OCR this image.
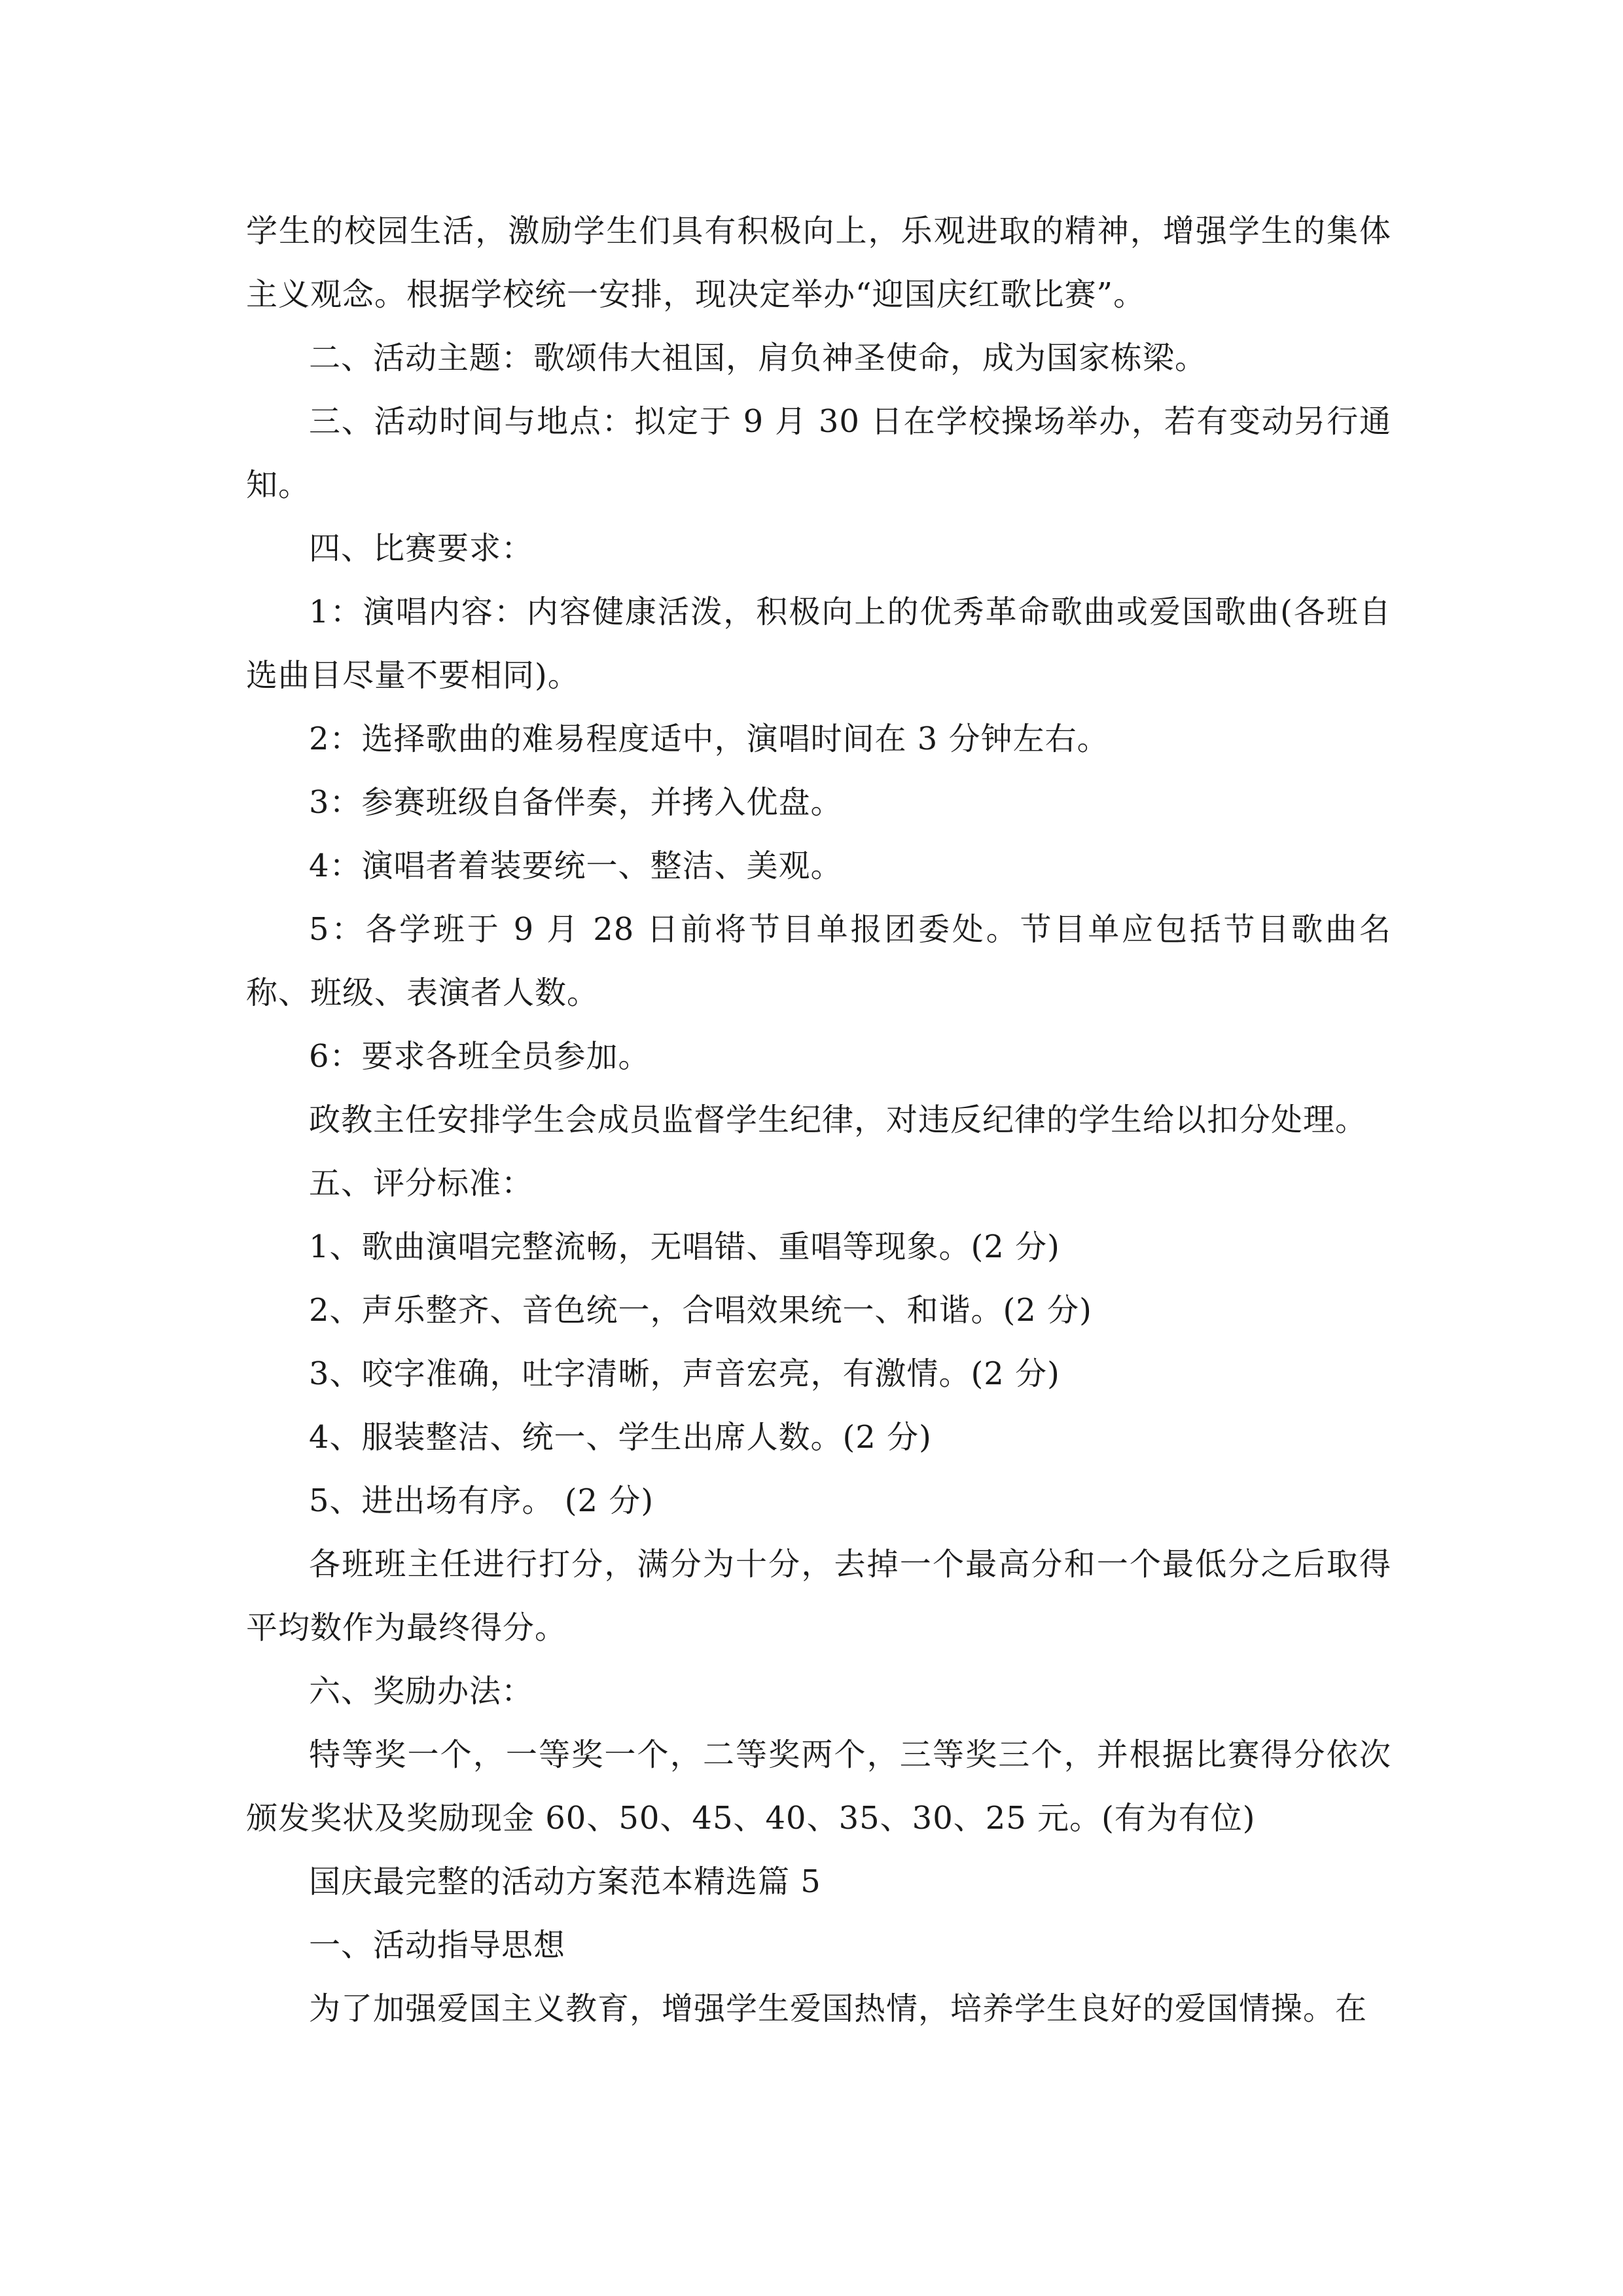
学生的校园生活，激励学生们具有积极向上，乐观进取的精神，增强学生的集体主义观念。根据学校统一安排，现决定举办“迎国庆红歌比赛”。

二、活动主题：歌颂伟大祖国，肩负神圣使命，成为国家栋梁。

三、活动时间与地点：拟定于 9 月 30 日在学校操场举办，若有变动另行通知。

四、比赛要求：

1：演唱内容：内容健康活泼，积极向上的优秀革命歌曲或爱国歌曲(各班自选曲目尽量不要相同)。

2：选择歌曲的难易程度适中，演唱时间在 3 分钟左右。

3：参赛班级自备伴奏，并拷入优盘。

4：演唱者着装要统一、整洁、美观。

5：各学班于 9 月 28 日前将节目单报团委处。节目单应包括节目歌曲名称、班级、表演者人数。

6：要求各班全员参加。

政教主任安排学生会成员监督学生纪律，对违反纪律的学生给以扣分处理。

五、评分标准：

1、歌曲演唱完整流畅，无唱错、重唱等现象。(2 分)

2、声乐整齐、音色统一，合唱效果统一、和谐。(2 分)

3、咬字准确，吐字清晰，声音宏亮，有激情。(2 分)

4、服装整洁、统一、学生出席人数。(2 分)

5、进出场有序。 (2 分)

各班班主任进行打分，满分为十分，去掉一个最高分和一个最低分之后取得平均数作为最终得分。

六、奖励办法：

特等奖一个，一等奖一个，二等奖两个，三等奖三个，并根据比赛得分依次颁发奖状及奖励现金 60、50、45、40、35、30、25 元。(有为有位)

国庆最完整的活动方案范本精选篇 5

一、活动指导思想

为了加强爱国主义教育，增强学生爱国热情，培养学生良好的爱国情操。在
